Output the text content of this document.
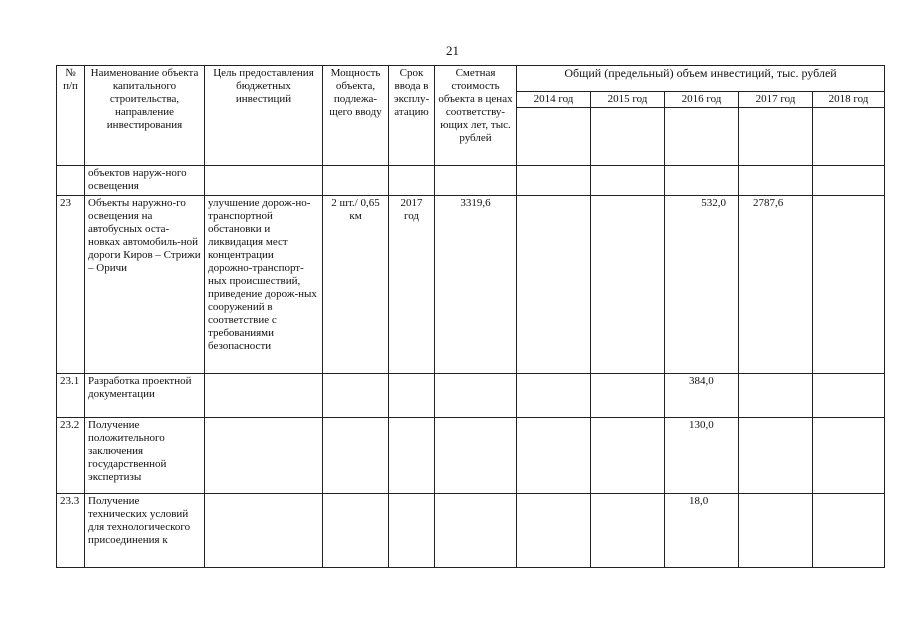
21
№ п/п	Наименование объекта капитального строительства, направление инвестирования	Цель предоставления бюджетных инвестиций	Мощность объекта, подлежа-щего вводу	Срок ввода в эксплу-атацию	Сметная стоимость объекта в ценах соответству-ющих лет, тыс. рублей	Общий (предельный) объем инвестиций, тыс. рублей				
						2014 год	2015 год	2016 год	2017 год	2018 год

	объектов наруж-ного освещения									
23	Объекты наружно-го освещения на автобусных оста-новках автомобиль-ной дороги Киров – Стрижи – Оричи	улучшение дорож-но-транспортной обстановки и ликвидация мест концентрации дорожно-транспорт-ных происшествий, приведение дорож-ных сооружений в соответствие с требованиями безопасности	2 шт./ 0,65 км	2017 год	3319,6			532,0	2787,6	
23.1	Разработка проектной документации							384,0		
23.2	Получение положительного заключения государственной экспертизы							130,0		
23.3	Получение технических условий для технологического присоединения к							18,0		
